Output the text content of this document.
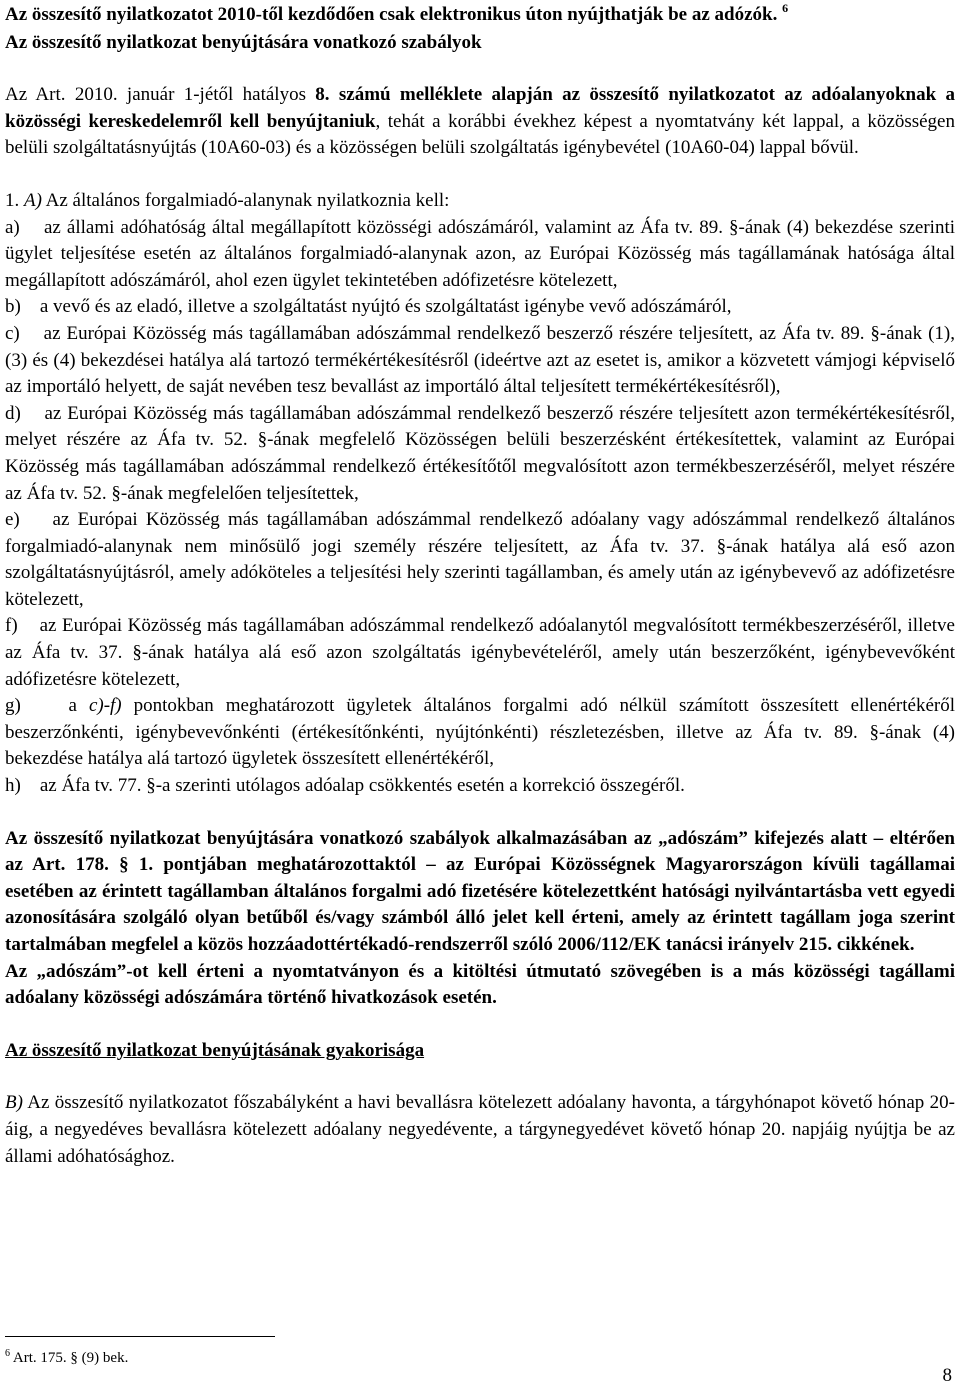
Az összesítő nyilatkozatot 2010-től kezdődően csak elektronikus úton nyújthatják be az adózók. $^6$

Az összesítő nyilatkozat benyújtására vonatkozó szabályok

Az Art. 2010. január 1-jétől hatályos 8. számú melléklete alapján az összesítő nyilatkozatot az adóalanyoknak a közösségi kereskedelemről kell benyújtaniuk, tehát a korábbi évekhez képest a nyomtatvány két lappal, a közösségen belüli szolgáltatásnyújtás (10A60-03) és a közösségen belüli szolgáltatás igénybevétel (10A60-04) lappal bővül.

1. A) Az általános forgalmiadó-alanynak nyilatkoznia kell:

a)    az állami adóhatóság által megállapított közösségi adószámáról, valamint az Áfa tv. 89. §-ának (4) bekezdése szerinti ügylet teljesítése esetén az általános forgalmiadó-alanynak azon, az Európai Közösség más tagállamának hatósága által megállapított adószámáról, ahol ezen ügylet tekintetében adófizetésre kötelezett,

b)    a vevő és az eladó, illetve a szolgáltatást nyújtó és szolgáltatást igénybe vevő adószámáról,

c)    az Európai Közösség más tagállamában adószámmal rendelkező beszerző részére teljesített, az Áfa tv. 89. §-ának (1), (3) és (4) bekezdései hatálya alá tartozó termékértékesítésről (ideértve azt az esetet is, amikor a közvetett vámjogi képviselő az importáló helyett, de saját nevében tesz bevallást az importáló által teljesített termékértékesítésről),

d)    az Európai Közösség más tagállamában adószámmal rendelkező beszerző részére teljesített azon termékértékesítésről, melyet részére az Áfa tv. 52. §-ának megfelelő Közösségen belüli beszerzésként értékesítettek, valamint az Európai Közösség más tagállamában adószámmal rendelkező értékesítőtől megvalósított azon termékbeszerzéséről, melyet részére az Áfa tv. 52. §-ának megfelelően teljesítettek,

e)    az Európai Közösség más tagállamában adószámmal rendelkező adóalany vagy adószámmal rendelkező általános forgalmiadó-alanynak nem minősülő jogi személy részére teljesített, az Áfa tv. 37. §-ának hatálya alá eső azon szolgáltatásnyújtásról, amely adóköteles a teljesítési hely szerinti tagállamban, és amely után az igénybevevő az adófizetésre kötelezett,

f)    az Európai Közösség más tagállamában adószámmal rendelkező adóalanytól megvalósított termékbeszerzéséről, illetve az Áfa tv. 37. §-ának hatálya alá eső azon szolgáltatás igénybevételéről, amely után beszerzőként, igénybevevőként adófizetésre kötelezett,

g)    a c)-f) pontokban meghatározott ügyletek általános forgalmi adó nélkül számított összesített ellenértékéről beszerzőnkénti, igénybevevőnkénti (értékesítőnkénti, nyújtónkénti) részletezésben, illetve az Áfa tv. 89. §-ának (4) bekezdése hatálya alá tartozó ügyletek összesített ellenértékéről,

h)    az Áfa tv. 77. §-a szerinti utólagos adóalap csökkentés esetén a korrekció összegéről.

Az összesítő nyilatkozat benyújtására vonatkozó szabályok alkalmazásában az „adószám” kifejezés alatt – eltérően az Art. 178. § 1. pontjában meghatározottaktól – az Európai Közösségnek Magyarországon kívüli tagállamai esetében az érintett tagállamban általános forgalmi adó fizetésére kötelezettként hatósági nyilvántartásba vett egyedi azonosítására szolgáló olyan betűből és/vagy számból álló jelet kell érteni, amely az érintett tagállam joga szerint tartalmában megfelel a közös hozzáadottértékadó-rendszerről szóló 2006/112/EK tanácsi irányelv 215. cikkének.

Az „adószám”-ot kell érteni a nyomtatványon és a kitöltési útmutató szövegében is a más közösségi tagállami adóalany közösségi adószámára történő hivatkozások esetén.

Az összesítő nyilatkozat benyújtásának gyakorisága

B) Az összesítő nyilatkozatot főszabályként a havi bevallásra kötelezett adóalany havonta, a tárgyhónapot követő hónap 20-áig, a negyedéves bevallásra kötelezett adóalany negyedévente, a tárgynegyedévet követő hónap 20. napjáig nyújtja be az állami adóhatósághoz.

$^6$ Art. 175. § (9) bek.
8
